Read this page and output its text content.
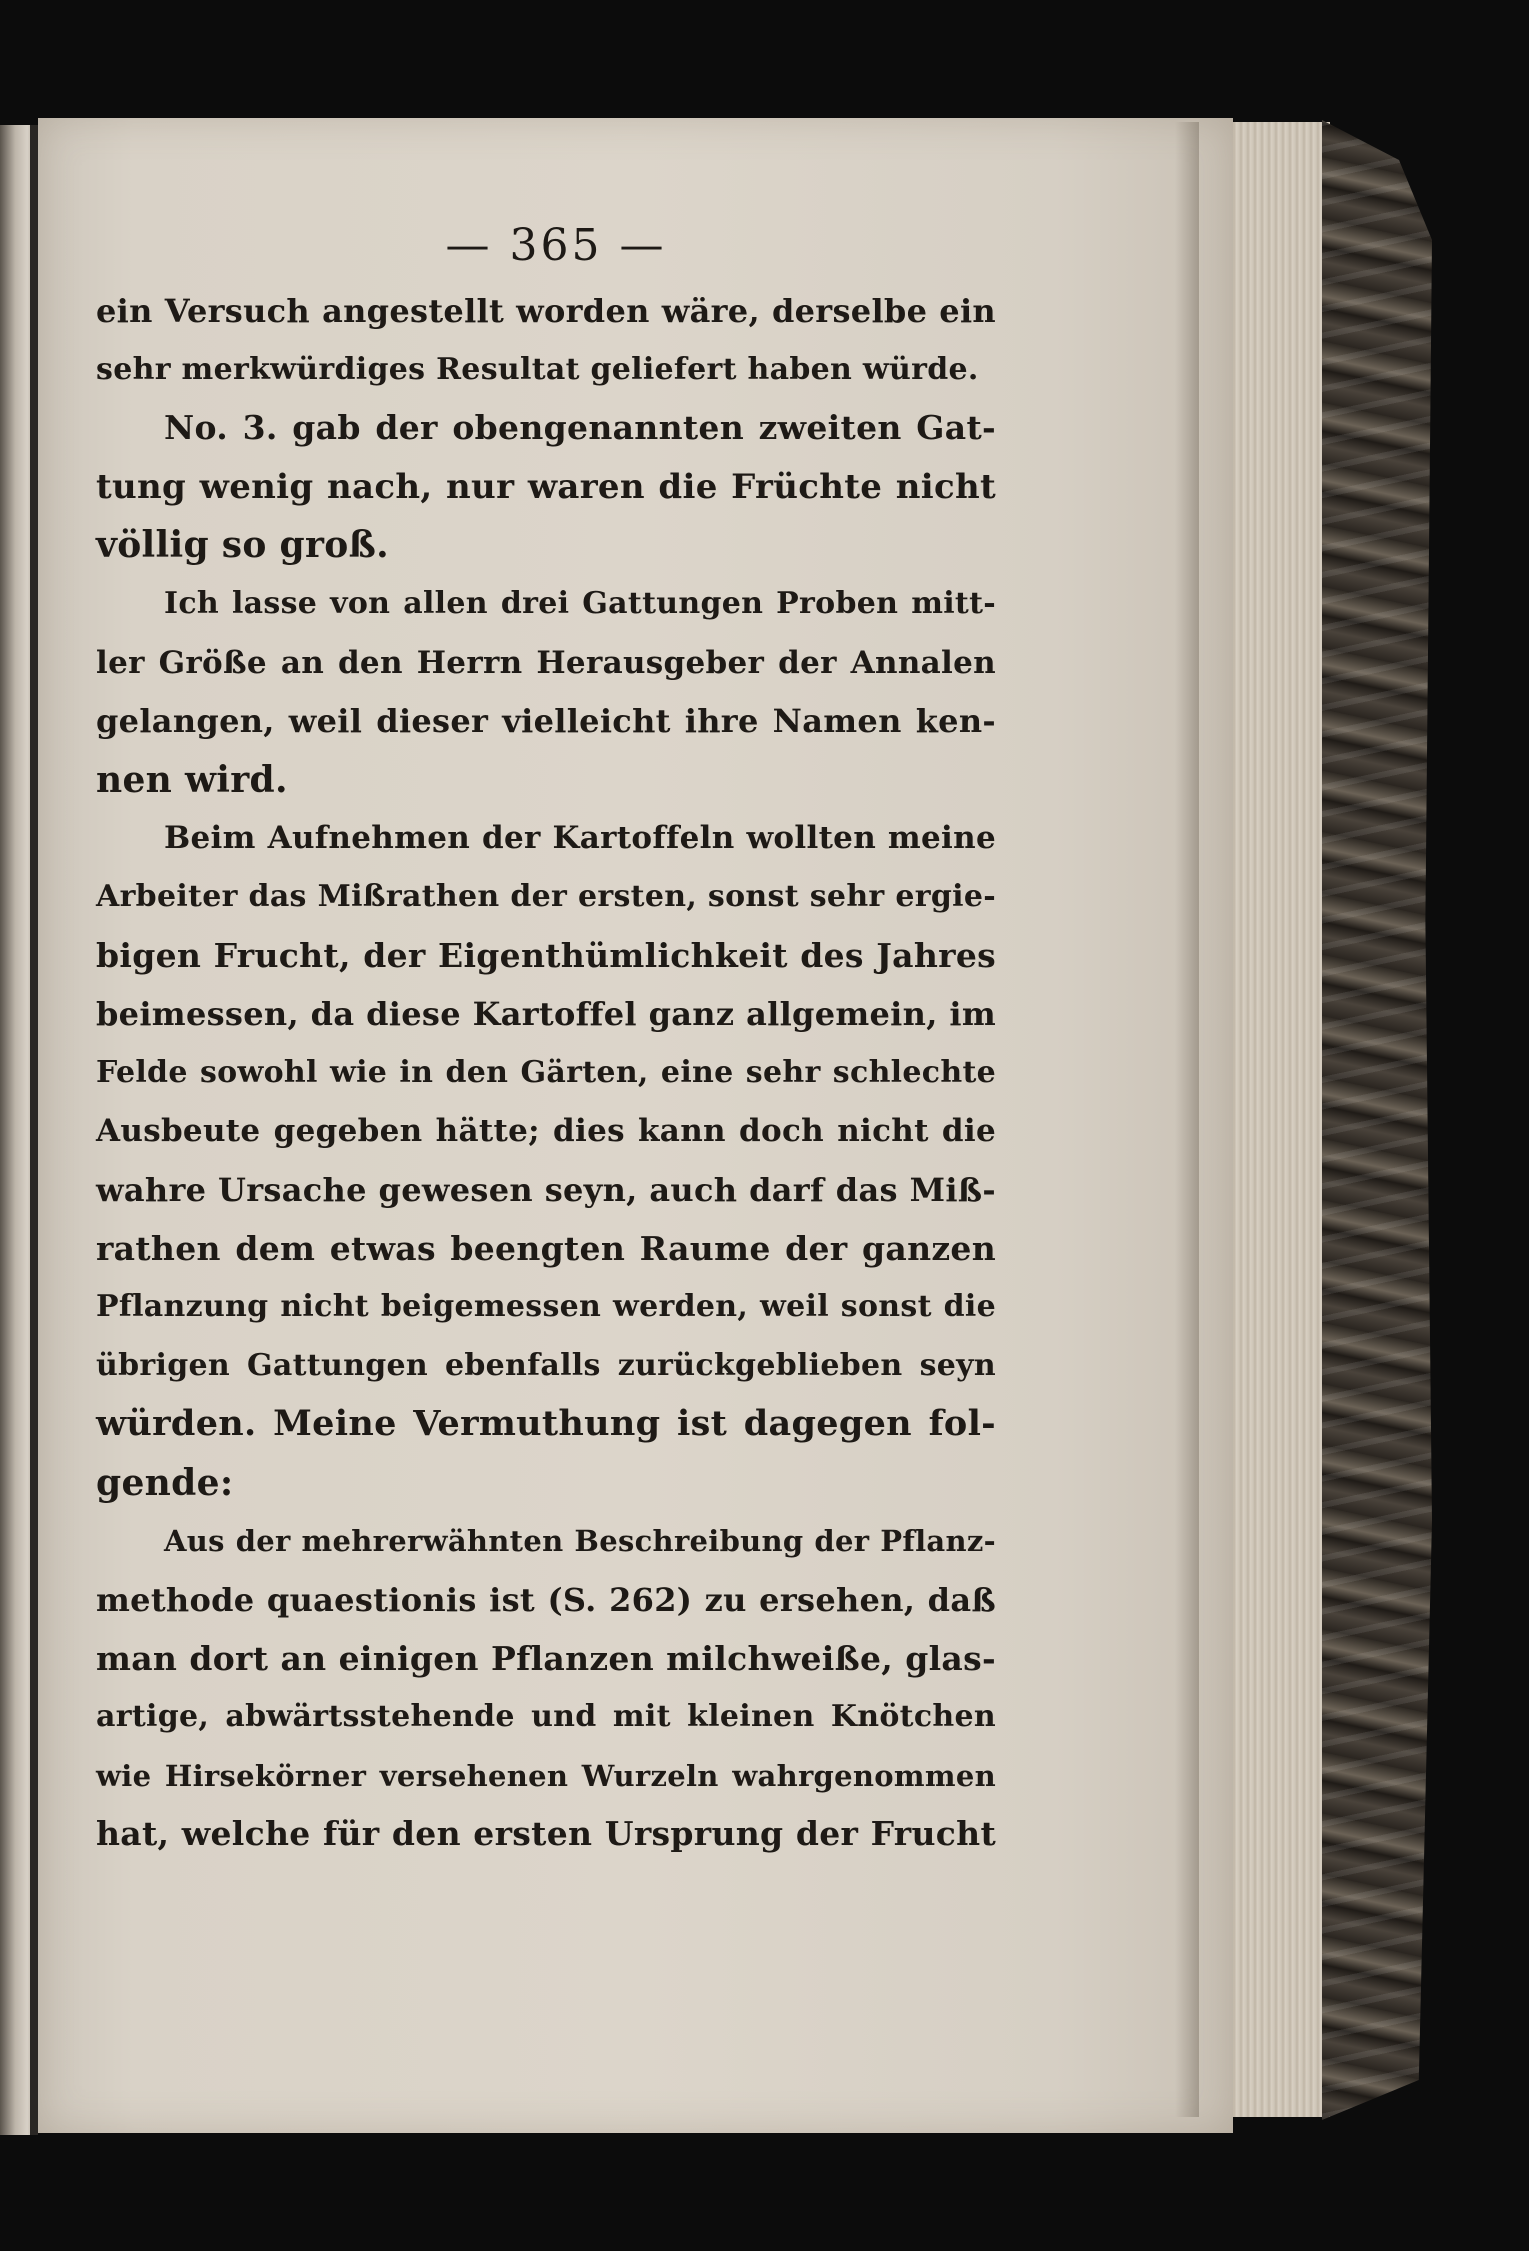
— 365 —
ein Versuch angestellt worden wäre, derselbe ein
sehr merkwürdiges Resultat geliefert haben würde.
No. 3. gab der obengenannten zweiten Gat-
tung wenig nach, nur waren die Früchte nicht
völlig so groß.
Ich lasse von allen drei Gattungen Proben mitt-
ler Größe an den Herrn Herausgeber der Annalen
gelangen, weil dieser vielleicht ihre Namen ken-
nen wird.
Beim Aufnehmen der Kartoffeln wollten meine
Arbeiter das Mißrathen der ersten, sonst sehr ergie-
bigen Frucht, der Eigenthümlichkeit des Jahres
beimessen, da diese Kartoffel ganz allgemein, im
Felde sowohl wie in den Gärten, eine sehr schlechte
Ausbeute gegeben hätte; dies kann doch nicht die
wahre Ursache gewesen seyn, auch darf das Miß-
rathen dem etwas beengten Raume der ganzen
Pflanzung nicht beigemessen werden, weil sonst die
übrigen Gattungen ebenfalls zurückgeblieben seyn
würden. Meine Vermuthung ist dagegen fol-
gende:
Aus der mehrerwähnten Beschreibung der Pflanz-
methode quaestionis ist (S. 262) zu ersehen, daß
man dort an einigen Pflanzen milchweiße, glas-
artige, abwärtsstehende und mit kleinen Knötchen
wie Hirsekörner versehenen Wurzeln wahrgenommen
hat, welche für den ersten Ursprung der Frucht
